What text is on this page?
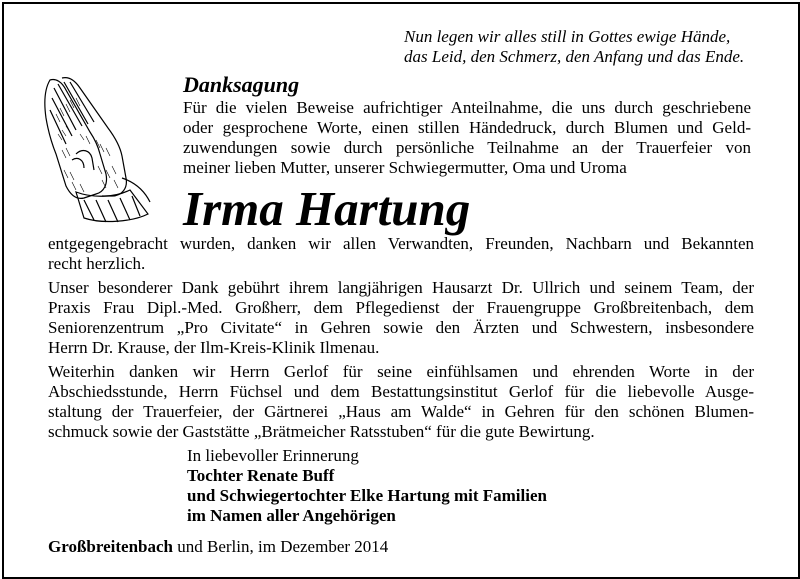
Nun legen wir alles still in Gottes ewige Hände,
das Leid, den Schmerz, den Anfang und das Ende.
Danksagung
Für die vielen Beweise aufrichtiger Anteilnahme, die uns durch geschriebene
oder gesprochene Worte, einen stillen Händedruck, durch Blumen und Geld-
zuwendungen sowie durch persönliche Teilnahme an der Trauerfeier von
meiner lieben Mutter, unserer Schwiegermutter, Oma und Uroma
Irma Hartung
entgegengebracht wurden, danken wir allen Verwandten, Freunden, Nachbarn und Bekannten
recht herzlich.
Unser besonderer Dank gebührt ihrem langjährigen Hausarzt Dr. Ullrich und seinem Team, der
Praxis Frau Dipl.-Med. Großherr, dem Pflegedienst der Frauengruppe Großbreitenbach, dem
Seniorenzentrum „Pro Civitate“ in Gehren sowie den Ärzten und Schwestern, insbesondere
Herrn Dr. Krause, der Ilm-Kreis-Klinik Ilmenau.
Weiterhin danken wir Herrn Gerlof für seine einfühlsamen und ehrenden Worte in der
Abschiedsstunde, Herrn Füchsel und dem Bestattungsinstitut Gerlof für die liebevolle Ausge-
staltung der Trauerfeier, der Gärtnerei „Haus am Walde“ in Gehren für den schönen Blumen-
schmuck sowie der Gaststätte „Brätmeicher Ratsstuben“ für die gute Bewirtung.
In liebevoller Erinnerung
Tochter Renate Buff
und Schwiegertochter Elke Hartung mit Familien
im Namen aller Angehörigen
Großbreitenbach und Berlin, im Dezember 2014
